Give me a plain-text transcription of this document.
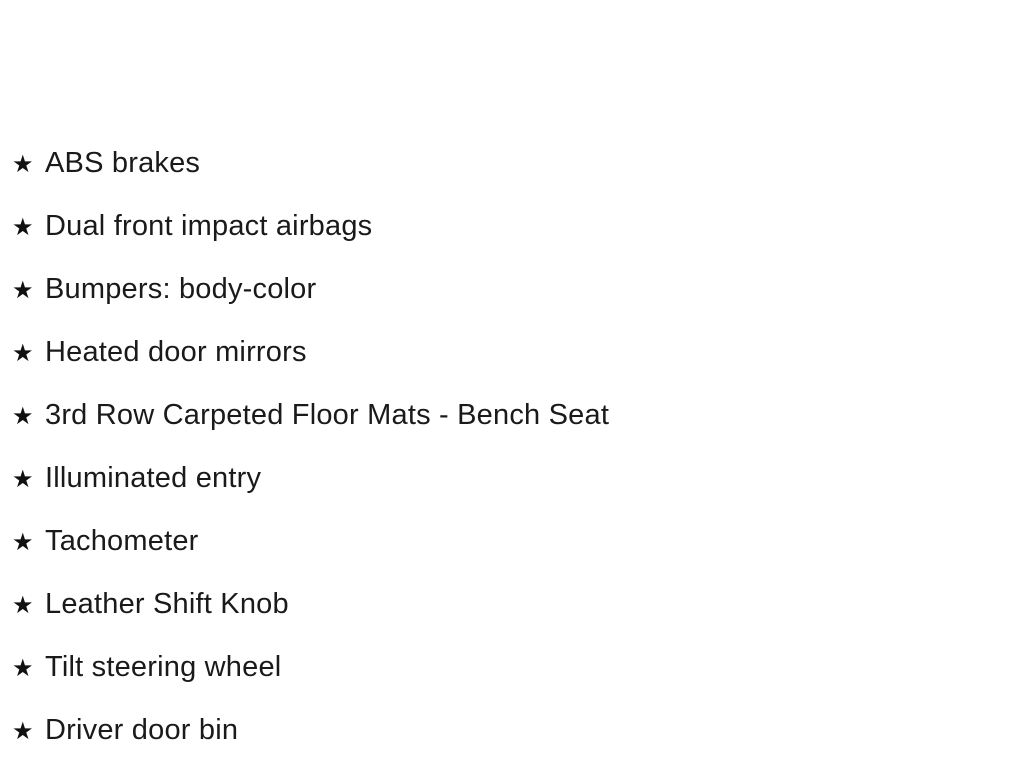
★ ABS brakes
★ Dual front impact airbags
★ Bumpers: body-color
★ Heated door mirrors
★ 3rd Row Carpeted Floor Mats - Bench Seat
★ Illuminated entry
★ Tachometer
★ Leather Shift Knob
★ Tilt steering wheel
★ Driver door bin
